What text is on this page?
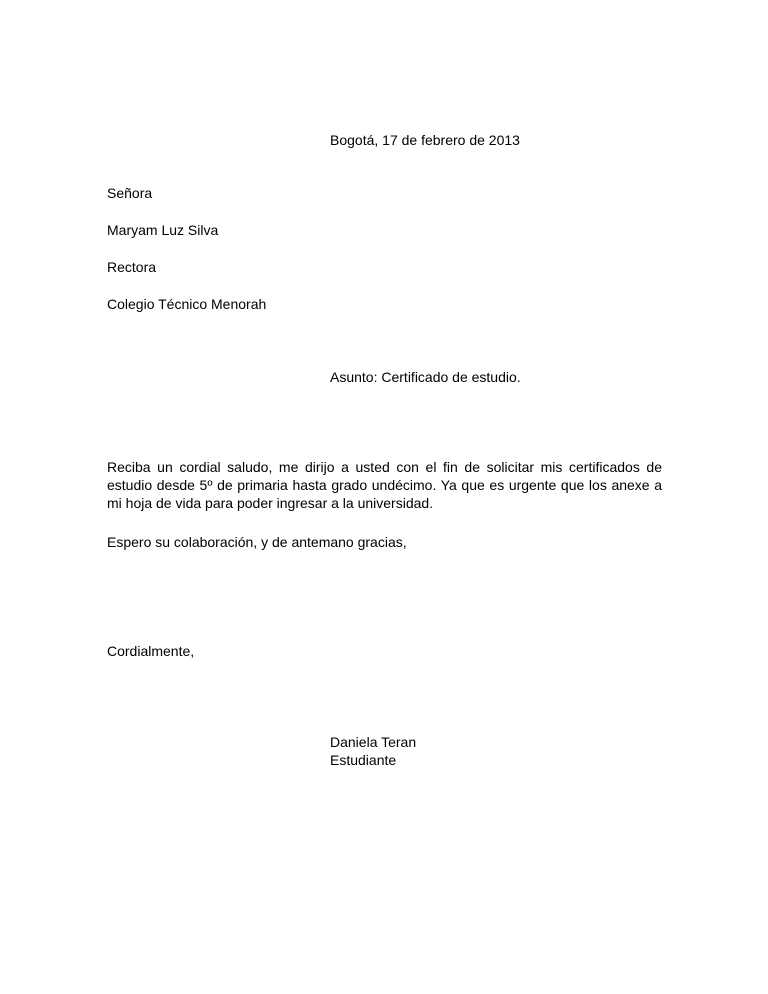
Bogotá, 17 de febrero de 2013
Señora
Maryam Luz Silva
Rectora
Colegio Técnico Menorah
Asunto: Certificado de estudio.
Reciba un cordial saludo, me dirijo a usted con el fin de solicitar mis certificados de estudio desde 5º de primaria hasta grado undécimo. Ya que es urgente que los anexe a mi hoja de vida para poder ingresar a la universidad.
Espero su colaboración, y de antemano gracias,
Cordialmente,
Daniela Teran
Estudiante
